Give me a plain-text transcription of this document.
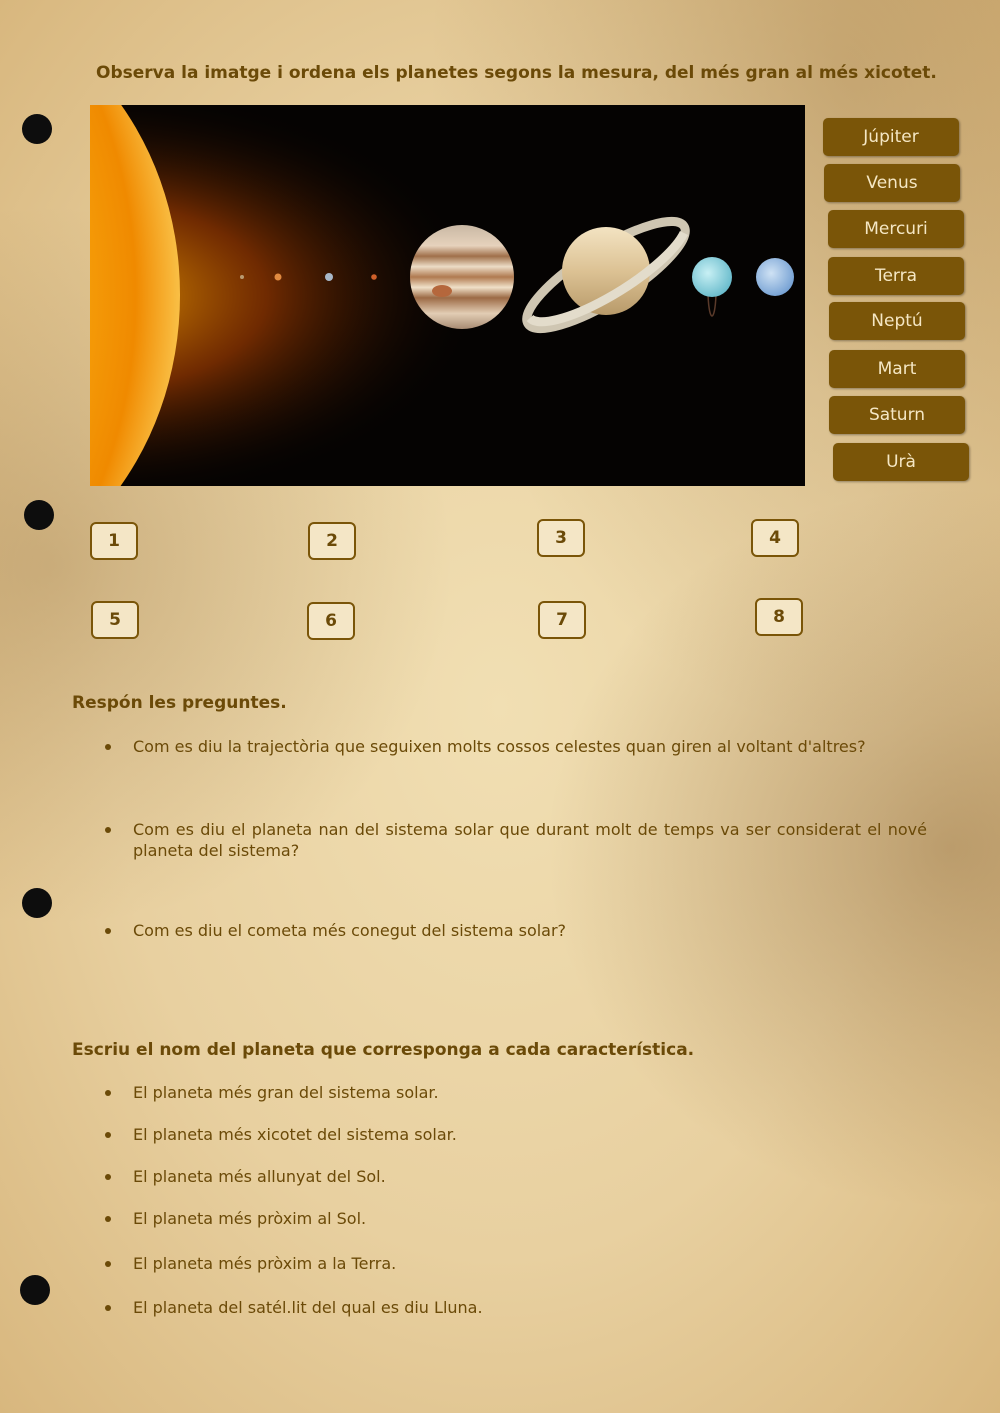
Observa la imatge i ordena els planetes segons la mesura, del més gran al més xicotet.
Júpiter
Venus
Mercuri
Terra
Neptú
Mart
Saturn
Urà
1	2	3	4
5	6	7	8
Respón les preguntes.
Com es diu la trajectòria que seguixen molts cossos celestes quan giren al voltant d'altres?
Com es diu el planeta nan del sistema solar que durant molt de temps va ser considerat el nové planeta del sistema?
Com es diu el cometa més conegut del sistema solar?
Escriu el nom del planeta que corresponga a cada característica.
El planeta més gran del sistema solar.
El planeta més xicotet del sistema solar.
El planeta més allunyat del Sol.
El planeta més pròxim al Sol.
El planeta més pròxim a la Terra.
El planeta del satél.lit del qual es diu Lluna.
